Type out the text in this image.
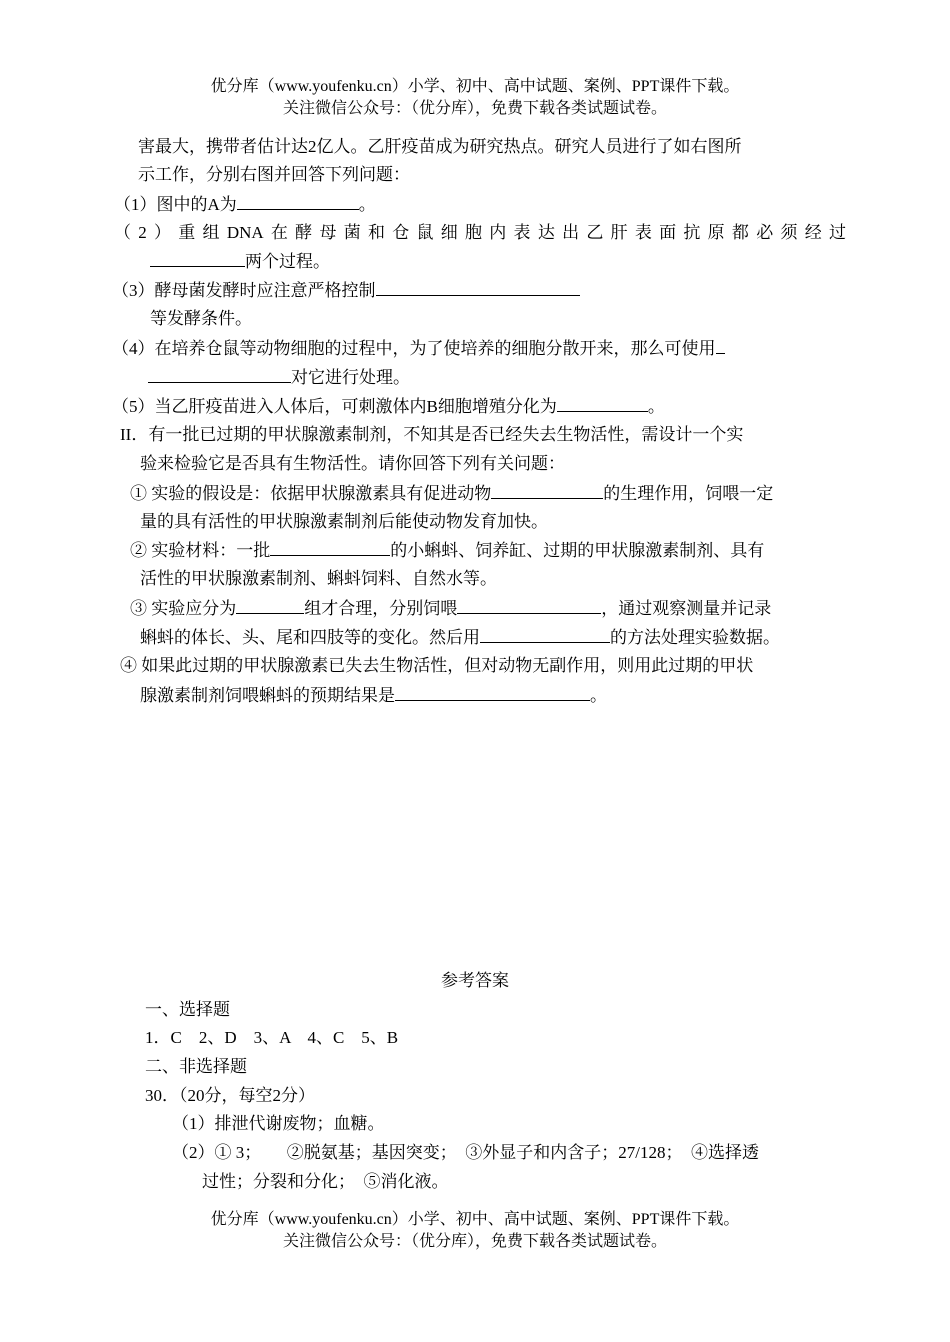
优分库（www.youfenku.cn）小学、初中、高中试题、案例、PPT课件下载。
关注微信公众号：（优分库），免费下载各类试题试卷。
害最大，携带者估计达2亿人。乙肝疫苗成为研究热点。研究人员进行了如右图所
示工作，分别右图并回答下列问题：
（1）图中的A为	。
（2）重组DNA在酵母菌和仓鼠细胞内表达出乙肝表面抗原都必须经过
两个过程。
（3）酵母菌发酵时应注意严格控制
等发酵条件。
（4）在培养仓鼠等动物细胞的过程中，为了使培养的细胞分散开来，那么可使用
对它进行处理。
（5）当乙肝疫苗进入人体后，可刺激体内B细胞增殖分化为	。
II．有一批已过期的甲状腺激素制剂，不知其是否已经失去生物活性，需设计一个实
验来检验它是否具有生物活性。请你回答下列有关问题：
① 实验的假设是：依据甲状腺激素具有促进动物	的生理作用，饲喂一定
量的具有活性的甲状腺激素制剂后能使动物发育加快。
② 实验材料：一批	的小蝌蚪、饲养缸、过期的甲状腺激素制剂、具有
活性的甲状腺激素制剂、蝌蚪饲料、自然水等。
③ 实验应分为	组才合理，分别饲喂	，通过观察测量并记录
蝌蚪的体长、头、尾和四肢等的变化。然后用	的方法处理实验数据。
④ 如果此过期的甲状腺激素已失去生物活性，但对动物无副作用，则用此过期的甲状
腺激素制剂饲喂蝌蚪的预期结果是	。
参考答案
一、选择题
1．C　2、D　3、A　4、C　5、B
二、非选择题
30．（20分，每空2分）
（1）排泄代谢废物；血糖。
（2）① 3；　　②脱氨基；基因突变；　③外显子和内含子；27/128；　④选择透
过性；分裂和分化；　⑤消化液。
优分库（www.youfenku.cn）小学、初中、高中试题、案例、PPT课件下载。
关注微信公众号：（优分库），免费下载各类试题试卷。
